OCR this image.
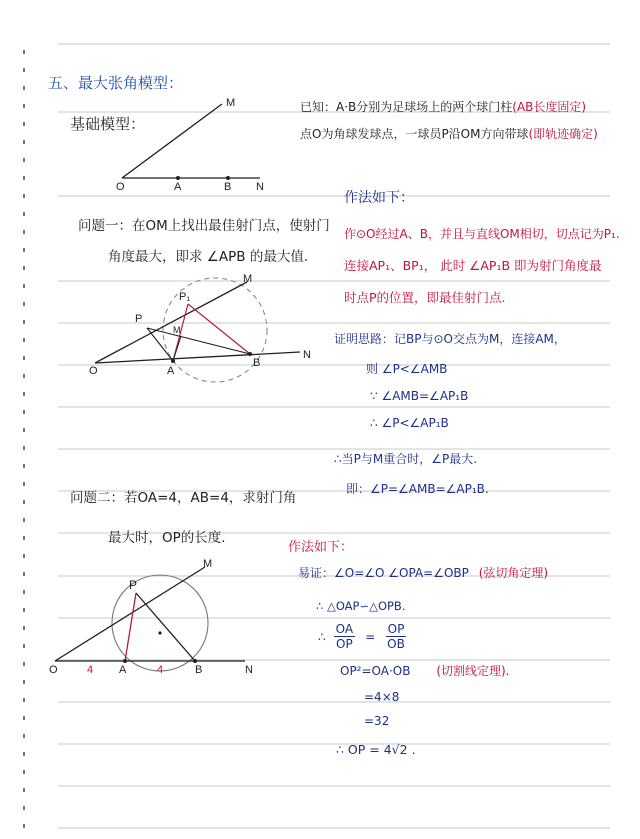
五、最大张角模型：
基础模型：
已知：A·B分别为足球场上的两个球门柱(AB长度固定)
点O为角球发球点，一球员P沿OM方向带球(即轨迹确定)
M
O	A	B N
问题一：在OM上找出最佳射门点，使射门
角度最大，即求 ∠APB 的最大值.
作法如下：
作⊙O经过A、B，并且与直线OM相切，切点记为P₁.
连接AP₁、BP₁， 此时 ∠AP₁B 即为射门角度最
时点P的位置，即最佳射门点.
证明思路：记BP与⊙O交点为M，连接AM，
则 ∠P<∠AMB
∵ ∠AMB=∠AP₁B
∴ ∠P<∠AP₁B
∴当P与M重合时，∠P最大.
即：∠P=∠AMB=∠AP₁B.
M
P
P₁
M
O	A
B
N
问题二：若OA=4，AB=4，求射门角
最大时，OP的长度.
作法如下：
易证：∠O=∠O ∠OPA=∠OBP (弦切角定理)
∴ △OAP∽△OPB.
∴ $\frac{OA}{OP} = \frac{OP}{OB}$
OP²=OA·OB (切割线定理).
=4×8
=32
∴ OP = 4√2 .
M
P
O	A	B	N
4	4
